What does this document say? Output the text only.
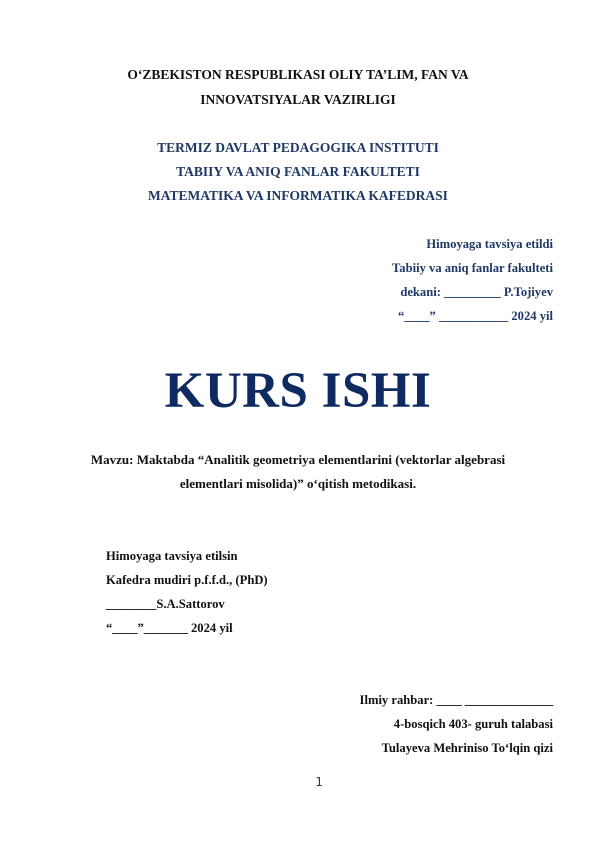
O‘ZBEKISTON RESPUBLIKASI OLIY TA’LIM, FAN VA
INNOVATSIYALAR VAZIRLIGI
TERMIZ DAVLAT PEDAGOGIKA INSTITUTI
TABIIY VA ANIQ FANLAR FAKULTETI
MATEMATIKA VA INFORMATIKA KAFEDRASI
Himoyaga tavsiya etildi
Tabiiy va aniq fanlar fakulteti
dekani: _________ P.Tojiyev
“____” ___________ 2024 yil
KURS ISHI
Mavzu: Maktabda “Analitik geometriya elementlarini (vektorlar algebrasi
elementlari misolida)” o‘qitish metodikasi.
Himoyaga tavsiya etilsin
Kafedra mudiri p.f.f.d., (PhD)
________S.A.Sattorov
“____”_______ 2024 yil
Ilmiy rahbar: ____ ______________
4-bosqich 403- guruh talabasi
Tulayeva Mehriniso To‘lqin qizi
1
